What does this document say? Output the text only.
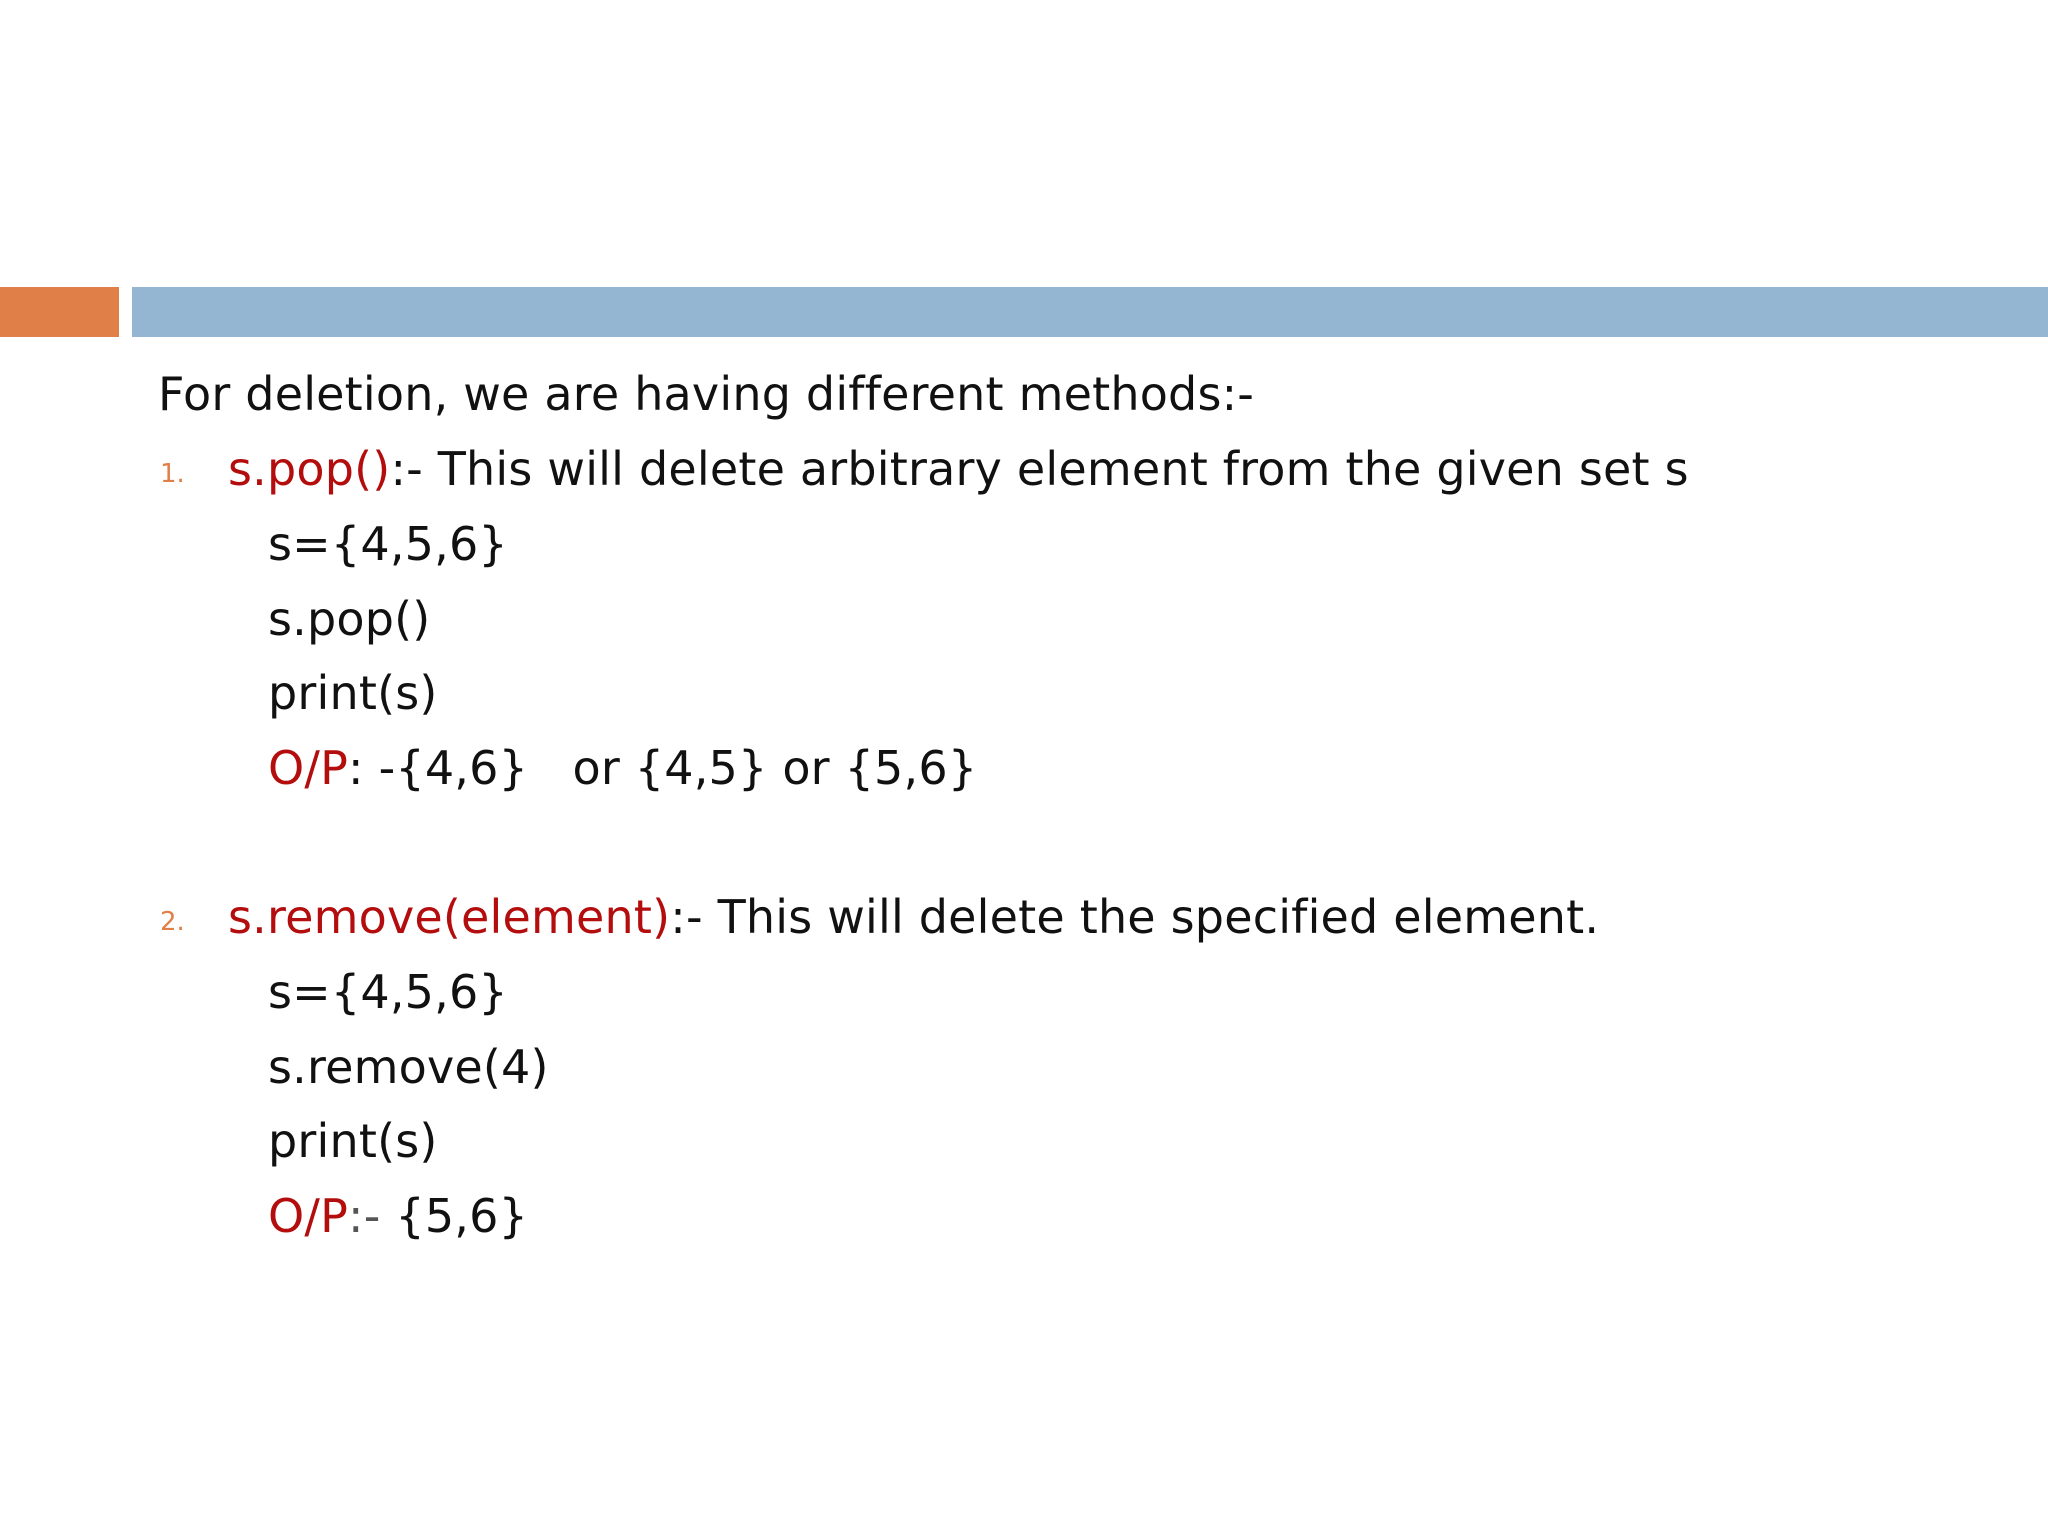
For deletion, we are having different methods:-
1. s.pop():- This will delete arbitrary element from the given set s
s={4,5,6}
s.pop()
print(s)
O/P: -{4,6}   or {4,5} or {5,6}
2. s.remove(element):- This will delete the specified element.
s={4,5,6}
s.remove(4)
print(s)
O/P:- {5,6}
